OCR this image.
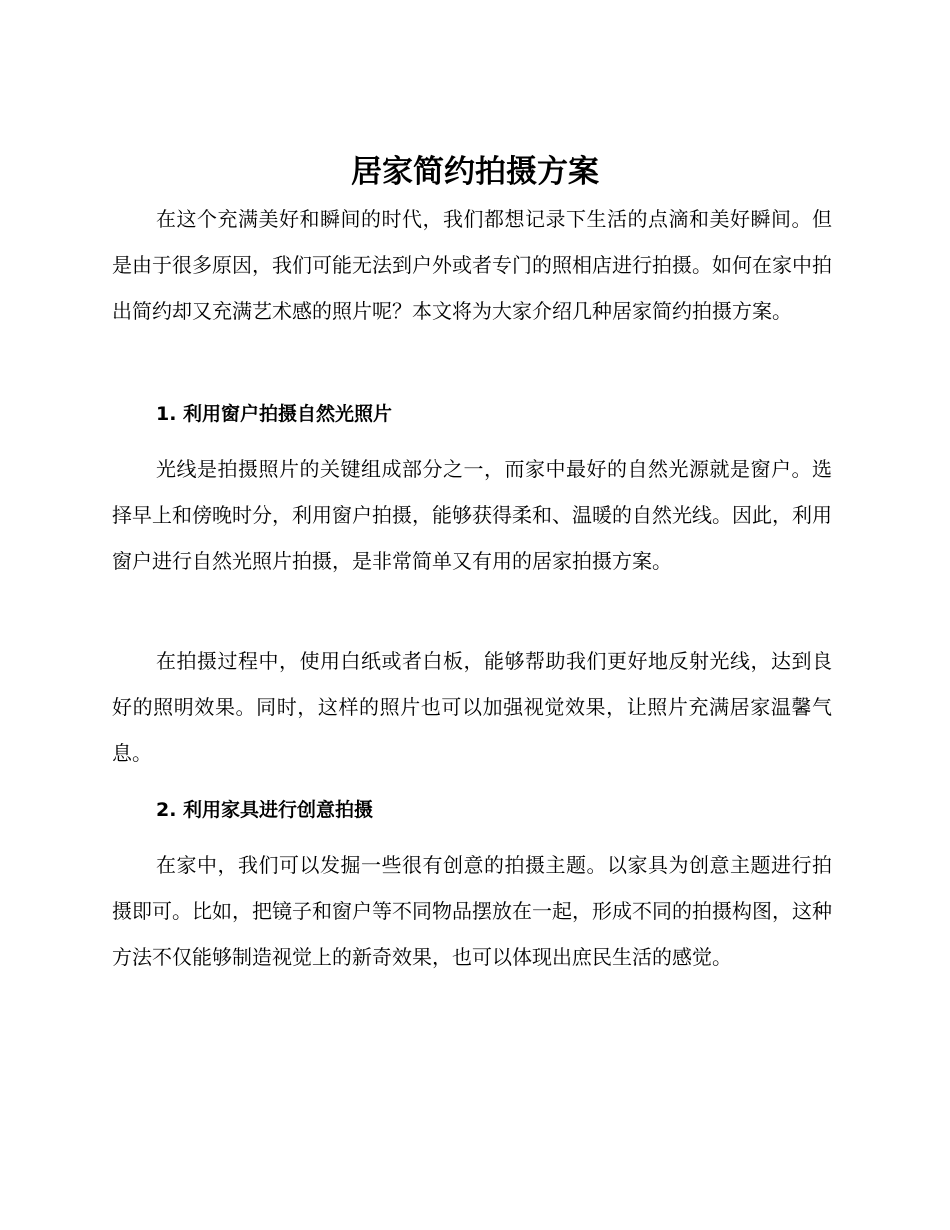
居家简约拍摄方案

在这个充满美好和瞬间的时代，我们都想记录下生活的点滴和美好瞬间。但是由于很多原因，我们可能无法到户外或者专门的照相店进行拍摄。如何在家中拍出简约却又充满艺术感的照片呢？本文将为大家介绍几种居家简约拍摄方案。

1. 利用窗户拍摄自然光照片

光线是拍摄照片的关键组成部分之一，而家中最好的自然光源就是窗户。选择早上和傍晚时分，利用窗户拍摄，能够获得柔和、温暖的自然光线。因此，利用窗户进行自然光照片拍摄，是非常简单又有用的居家拍摄方案。

在拍摄过程中，使用白纸或者白板，能够帮助我们更好地反射光线，达到良好的照明效果。同时，这样的照片也可以加强视觉效果，让照片充满居家温馨气息。

2. 利用家具进行创意拍摄

在家中，我们可以发掘一些很有创意的拍摄主题。以家具为创意主题进行拍摄即可。比如，把镜子和窗户等不同物品摆放在一起，形成不同的拍摄构图，这种方法不仅能够制造视觉上的新奇效果，也可以体现出庶民生活的感觉。
